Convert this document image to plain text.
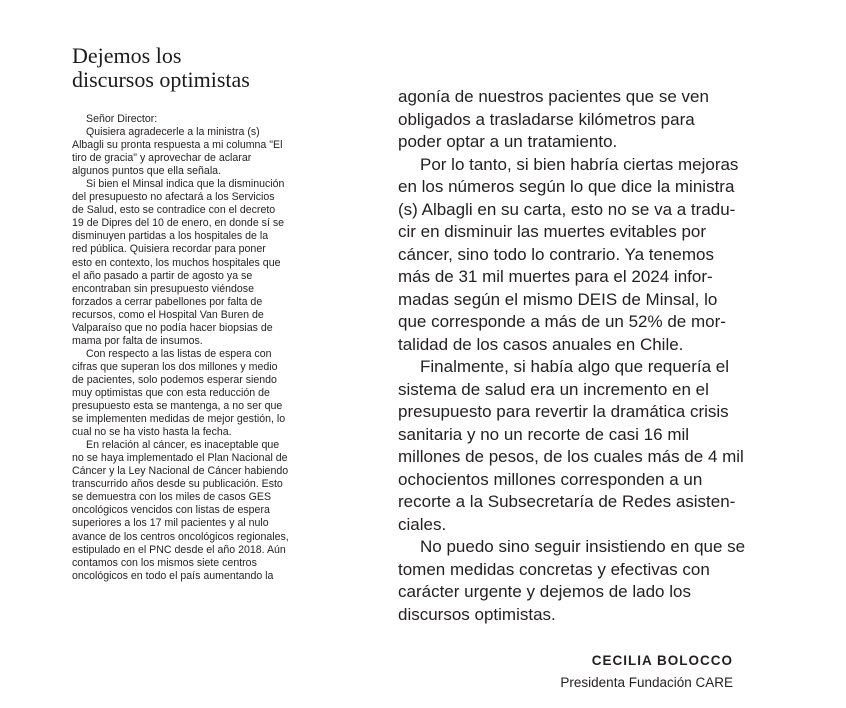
Dejemos los
discursos optimistas

Señor Director:

Quisiera agradecerle a la ministra (s)
Albagli su pronta respuesta a mi columna "El
tiro de gracia" y aprovechar de aclarar
algunos puntos que ella señala.

Si bien el Minsal indica que la disminución
del presupuesto no afectará a los Servicios
de Salud, esto se contradice con el decreto
19 de Dipres del 10 de enero, en donde sí se
disminuyen partidas a los hospitales de la
red pública. Quisiera recordar para poner
esto en contexto, los muchos hospitales que
el año pasado a partir de agosto ya se
encontraban sin presupuesto viéndose
forzados a cerrar pabellones por falta de
recursos, como el Hospital Van Buren de
Valparaíso que no podía hacer biopsias de
mama por falta de insumos.

Con respecto a las listas de espera con
cifras que superan los dos millones y medio
de pacientes, solo podemos esperar siendo
muy optimistas que con esta reducción de
presupuesto esta se mantenga, a no ser que
se implementen medidas de mejor gestión, lo
cual no se ha visto hasta la fecha.

En relación al cáncer, es inaceptable que
no se haya implementado el Plan Nacional de
Cáncer y la Ley Nacional de Cáncer habiendo
transcurrido años desde su publicación. Esto
se demuestra con los miles de casos GES
oncológicos vencidos con listas de espera
superiores a los 17 mil pacientes y al nulo
avance de los centros oncológicos regionales,
estipulado en el PNC desde el año 2018. Aún
contamos con los mismos siete centros
oncológicos en todo el país aumentando la

agonía de nuestros pacientes que se ven
obligados a trasladarse kilómetros para
poder optar a un tratamiento.

Por lo tanto, si bien habría ciertas mejoras
en los números según lo que dice la ministra
(s) Albagli en su carta, esto no se va a tradu-
cir en disminuir las muertes evitables por
cáncer, sino todo lo contrario. Ya tenemos
más de 31 mil muertes para el 2024 infor-
madas según el mismo DEIS de Minsal, lo
que corresponde a más de un 52% de mor-
talidad de los casos anuales en Chile.

Finalmente, si había algo que requería el
sistema de salud era un incremento en el
presupuesto para revertir la dramática crisis
sanitaria y no un recorte de casi 16 mil
millones de pesos, de los cuales más de 4 mil
ochocientos millones corresponden a un
recorte a la Subsecretaría de Redes asisten-
ciales.

No puedo sino seguir insistiendo en que se
tomen medidas concretas y efectivas con
carácter urgente y dejemos de lado los
discursos optimistas.

CECILIA BOLOCCO
Presidenta Fundación CARE
